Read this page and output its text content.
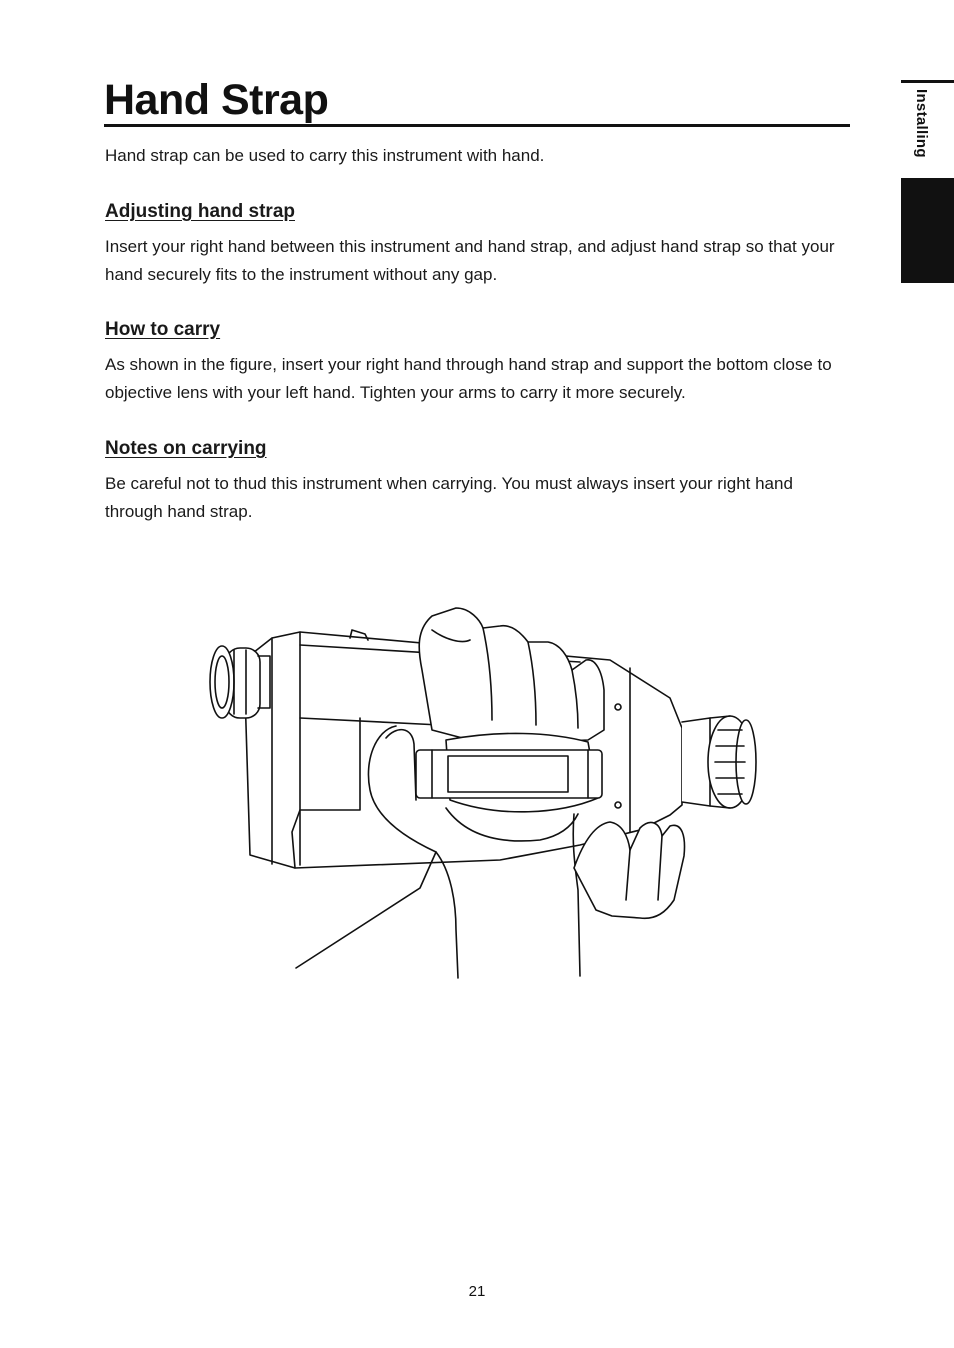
Hand Strap

Hand strap can be used to carry this instrument with hand.

Adjusting hand strap

Insert your right hand between this instrument and hand strap, and adjust hand strap so that your hand securely fits to the instrument without any gap.

How to carry

As shown in the figure, insert your right hand through hand strap and support the bottom close to objective lens with your left hand. Tighten your arms to carry it more securely.

Notes on carrying

Be careful not to thud this instrument when carrying. You must always insert your right hand through hand strap.

Installing
21
